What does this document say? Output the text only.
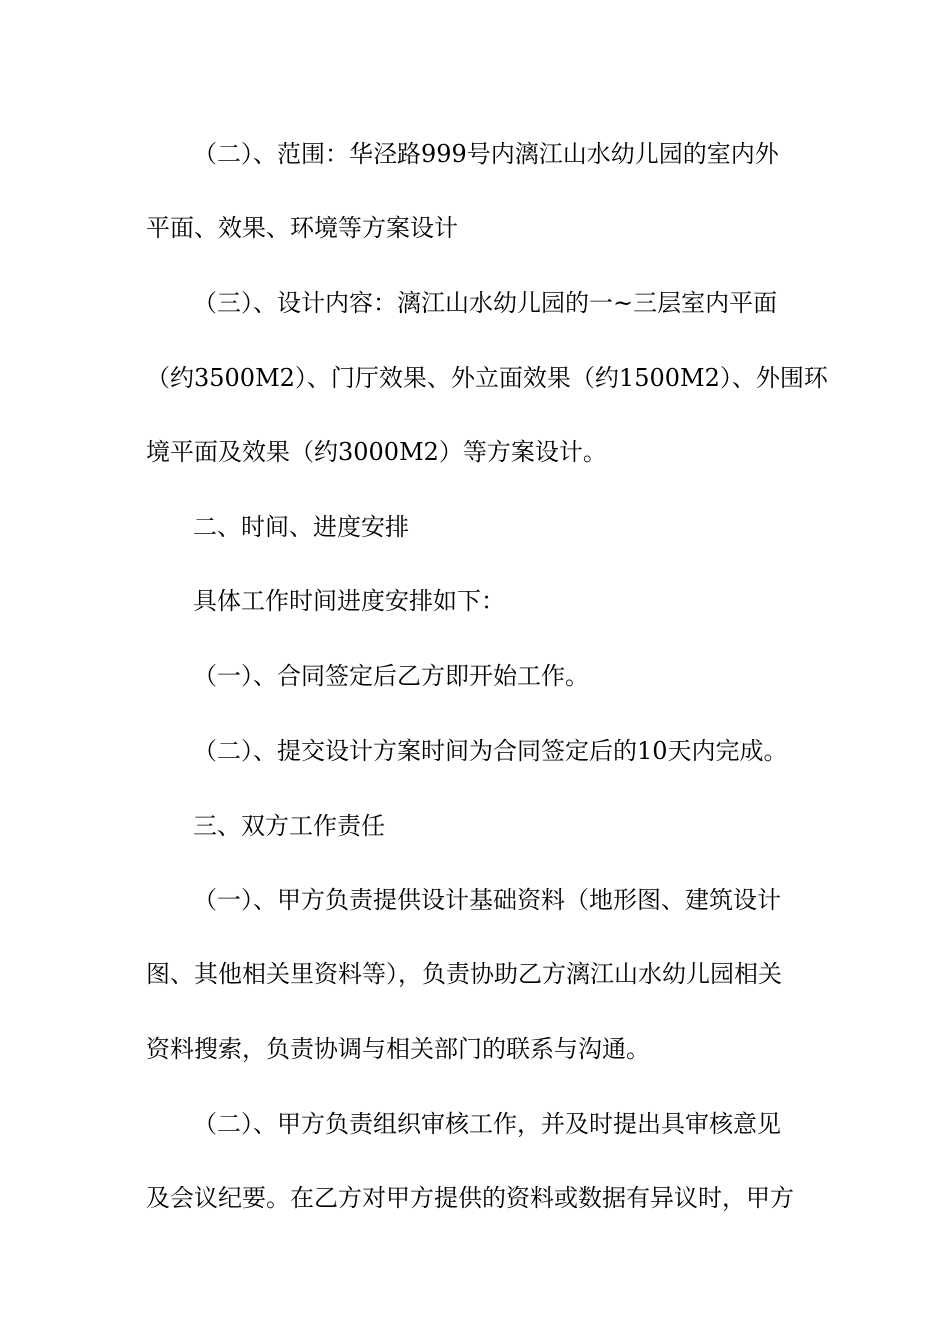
（二）、范围：华泾路999号内漓江山水幼儿园的室内外
平面、效果、环境等方案设计
（三）、设计内容：漓江山水幼儿园的一~三层室内平面
（约3500M2）、门厅效果、外立面效果（约1500M2）、外围环
境平面及效果（约3000M2）等方案设计。
二、时间、进度安排
具体工作时间进度安排如下：
（一）、合同签定后乙方即开始工作。
（二）、提交设计方案时间为合同签定后的10天内完成。
三、双方工作责任
（一）、甲方负责提供设计基础资料（地形图、建筑设计
图、其他相关里资料等），负责协助乙方漓江山水幼儿园相关
资料搜索，负责协调与相关部门的联系与沟通。
（二）、甲方负责组织审核工作，并及时提出具审核意见
及会议纪要。在乙方对甲方提供的资料或数据有异议时，甲方
